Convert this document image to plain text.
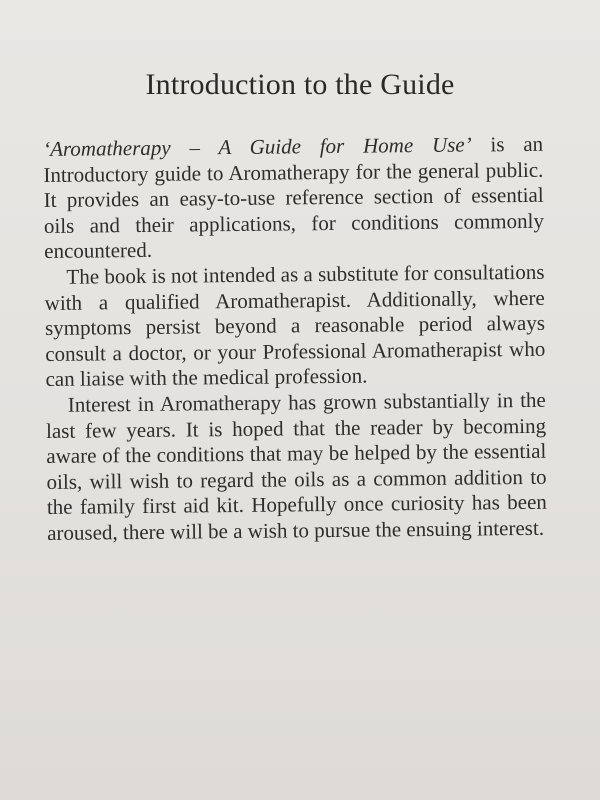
Introduction to the Guide

‘Aromatherapy – A Guide for Home Use’ is an Introductory guide to Aromatherapy for the general public. It provides an easy-to-use reference section of essential oils and their applications, for conditions commonly encountered.

The book is not intended as a substitute for consultations with a qualified Aromatherapist. Additionally, where symptoms persist beyond a reasonable period always consult a doctor, or your Professional Aromatherapist who can liaise with the medical profession.

Interest in Aromatherapy has grown substantially in the last few years. It is hoped that the reader by becoming aware of the conditions that may be helped by the essential oils, will wish to regard the oils as a common addition to the family first aid kit. Hopefully once curiosity has been aroused, there will be a wish to pursue the ensuing interest.
